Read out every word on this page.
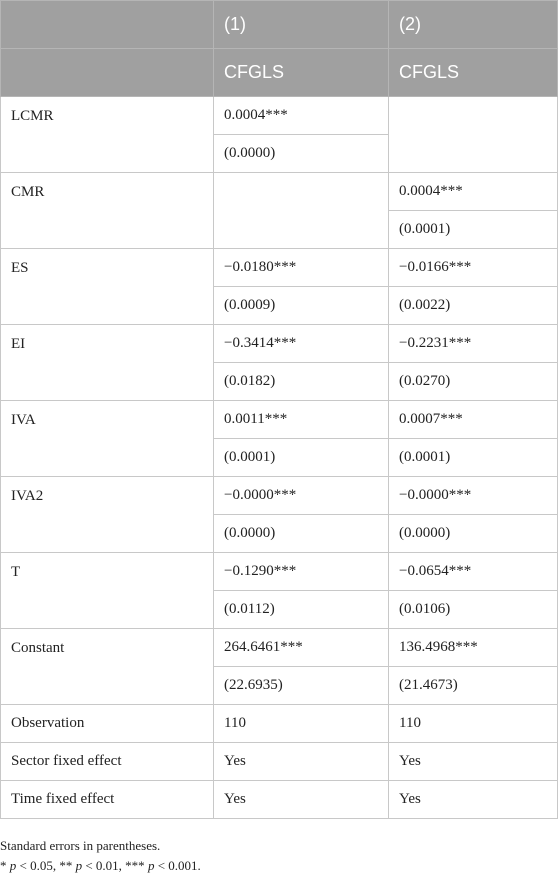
	(1)	(2)
	CFGLS	CFGLS
LCMR	0.0004***	
	(0.0000)	
CMR		0.0004***
		(0.0001)
ES	−0.0180***	−0.0166***
	(0.0009)	(0.0022)
EI	−0.3414***	−0.2231***
	(0.0182)	(0.0270)
IVA	0.0011***	0.0007***
	(0.0001)	(0.0001)
IVA2	−0.0000***	−0.0000***
	(0.0000)	(0.0000)
T	−0.1290***	−0.0654***
	(0.0112)	(0.0106)
Constant	264.6461***	136.4968***
	(22.6935)	(21.4673)
Observation	110	110
Sector fixed effect	Yes	Yes
Time fixed effect	Yes	Yes

Standard errors in parentheses.

* p < 0.05, ** p < 0.01, *** p < 0.001.
